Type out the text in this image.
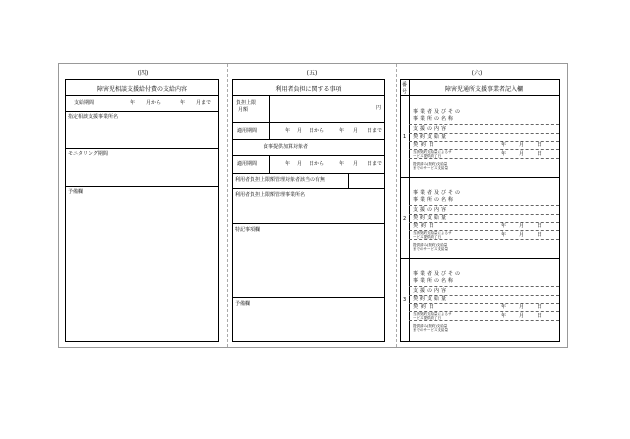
(四)
障害児相談支援給付費の支給内容
支給期間	年 月から	年 月まで
指定相談支援事業所名
モニタリング期間
予備欄
(五)
利用者負担に関する事項
負担上限
月額	円
適用期間	年 月 日から	年 月 日まで
食事提供加算対象者
適用期間	年 月 日から	年 月 日まで
利用者負担上限額管理対象者該当の有無
利用者負担上限額管理事業所名
特記事項欄
予備欄
(六)
番
号	障害児通所支援事業者記入欄
1
事業者及びその
事業所の名称
支援の内容
契約支給量
契約日	年	月	日
当該契約支給量によるサ
ービス提供終了日	年	月	日
提供済み(契約)支給量
までのサービス支給量
2
事業者及びその
事業所の名称
支援の内容
契約支給量
契約日	年	月	日
当該契約支給量によるサ
ービス提供終了日	年	月	日
提供済み(契約)支給量
までのサービス支給量
3
事業者及びその
事業所の名称
支援の内容
契約支給量
契約日	年	月	日
当該契約支給量によるサ
ービス提供終了日	年	月	日
提供済み(契約)支給量
までのサービス支給量
